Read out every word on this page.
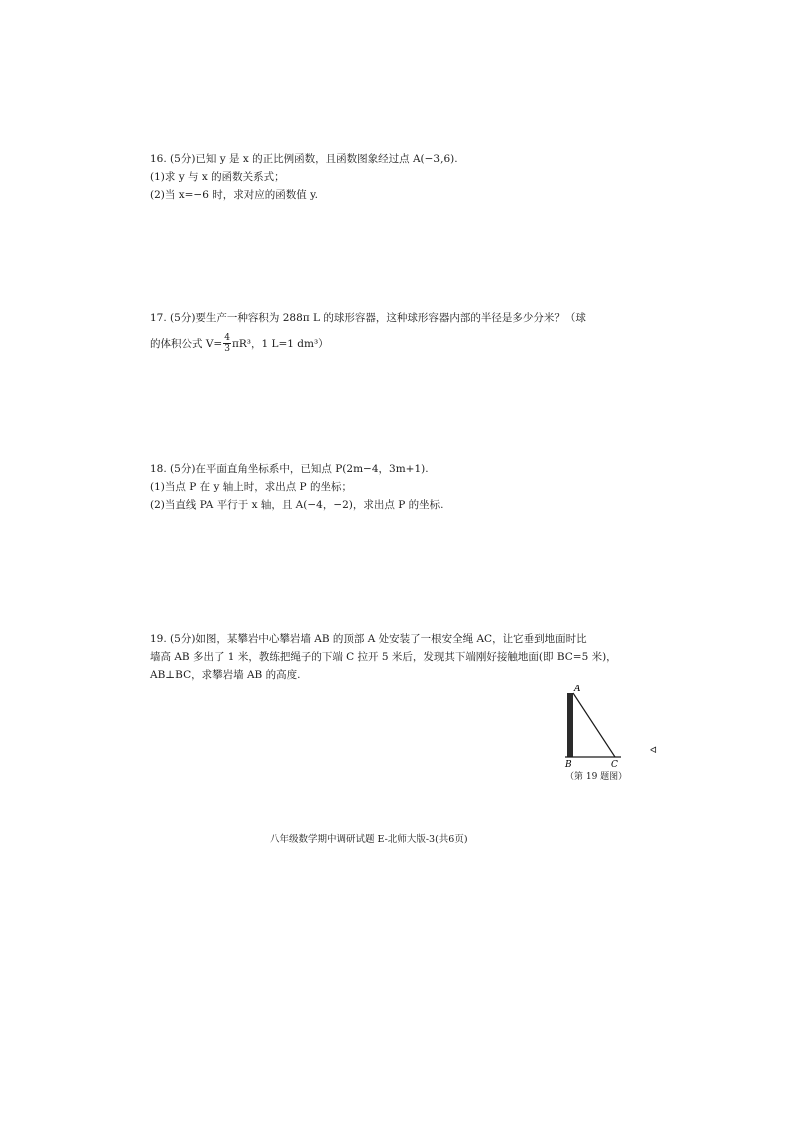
16. (5分)已知 y 是 x 的正比例函数，且函数图象经过点 A(−3,6).
(1)求 y 与 x 的函数关系式；
(2)当 x=−6 时，求对应的函数值 y.
17. (5分)要生产一种容积为 288π L 的球形容器，这种球形容器内部的半径是多少分米？（球
的体积公式 $V= \frac{4}{3} \pi R^3$，1 L=1 dm³）
18. (5分)在平面直角坐标系中，已知点 P(2m−4，3m+1).
(1)当点 P 在 y 轴上时，求出点 P 的坐标；
(2)当直线 PA 平行于 x 轴，且 A(−4，−2)，求出点 P 的坐标.
19. (5分)如图，某攀岩中心攀岩墙 AB 的顶部 A 处安装了一根安全绳 AC，让它垂到地面时比
墙高 AB 多出了 1 米，教练把绳子的下端 C 拉开 5 米后，发现其下端刚好接触地面(即 BC=5 米)，
AB⊥BC，求攀岩墙 AB 的高度.
A
B	C
（第 19 题图）
ᐊ
八年级数学期中调研试题 E-北师大版-3(共6页)
